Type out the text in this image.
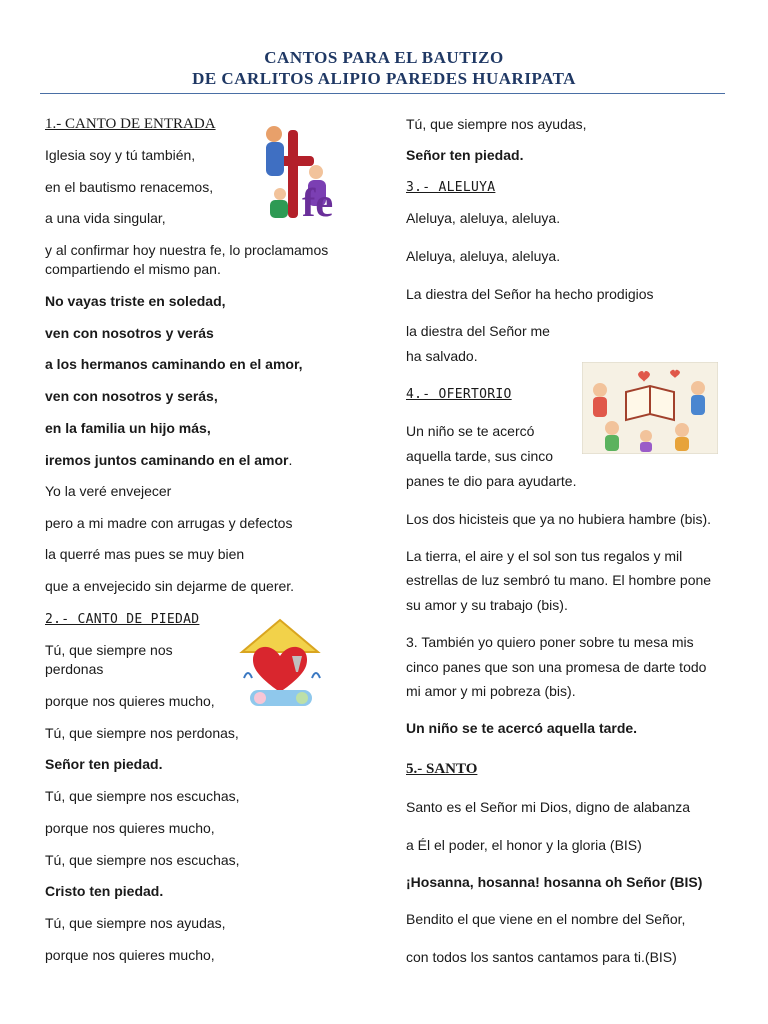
CANTOS PARA EL BAUTIZO
DE CARLITOS ALIPIO PAREDES HUARIPATA
1.- CANTO DE ENTRADA
Iglesia soy y tú también,
en el bautismo renacemos,
a una vida singular,
y al confirmar hoy nuestra fe, lo proclamamos
compartiendo el mismo pan.
No vayas triste en soledad,
ven con nosotros y verás
a los hermanos caminando en el amor,
ven con nosotros y serás,
en la familia un hijo más,
iremos juntos caminando en el amor.
Yo la veré envejecer
pero a mi madre con arrugas y defectos
la querré mas pues se muy bien
que a envejecido sin dejarme de querer.
2.- CANTO DE PIEDAD
Tú, que siempre nos
perdonas
porque nos quieres mucho,
Tú, que siempre nos perdonas,
Señor ten piedad.
Tú, que siempre nos escuchas,
porque nos quieres mucho,
Tú, que siempre nos escuchas,
Cristo ten piedad.
Tú, que siempre nos ayudas,
porque nos quieres mucho,
fe
Tú, que siempre nos ayudas,
Señor ten piedad.
3.- ALELUYA
Aleluya, aleluya, aleluya.
Aleluya, aleluya, aleluya.
La diestra del Señor ha hecho prodigios
la diestra del Señor me
ha salvado.
4.- OFERTORIO
Un niño se te acercó
aquella tarde, sus cinco
panes te dio para ayudarte.
Los dos hicisteis que ya no hubiera hambre (bis).
La tierra, el aire y el sol son tus regalos y mil
estrellas de luz sembró tu mano. El hombre pone
su amor y su trabajo (bis).
3. También yo quiero poner sobre tu mesa mis
cinco panes que son una promesa de darte todo
mi amor y mi pobreza (bis).
Un niño se te acercó aquella tarde.
5.- SANTO
Santo es el Señor mi Dios, digno de alabanza
a Él el poder, el honor y la gloria (BIS)
¡Hosanna, hosanna! hosanna oh Señor (BIS)
Bendito el que viene en el nombre del Señor,
con todos los santos cantamos para ti.(BIS)
